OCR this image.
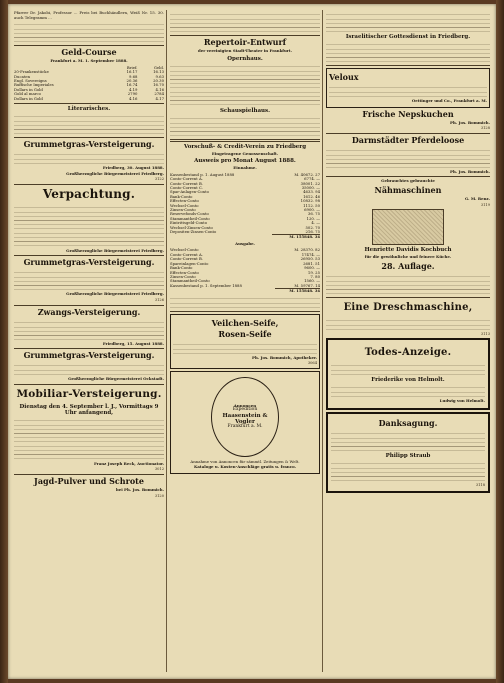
Pfarrer Dr. Jakobi, Professor ... Preis bei Buchhändlern, Weiß Nr. 15. 30. auch Telegramm ...
Geld-Course
Frankfurt a. M. 1. September 1888.
	Brief.	Geld.
20-Frankenstücke	16.17	16.13
Ducaten	9.68	9.63
Engl. Sovereigns	20.36	20.30
Ruffische Imperiales	16.74	16.70
Dollars in Gold	4.19	4.16
Gold al marco	2790	2784
Dollars in Gold	4.16	4.17
Literarisches.
Grummetgras-Versteigerung.
Friedberg, 30. August 1888.
Großherzogliche Bürgermeisterei Friedberg.
3122
Verpachtung.
Großherzogliche Bürgermeisterei Friedberg.
Grummetgras-Versteigerung.
Großherzogliche Bürgermeisterei Friedberg.
3126
Zwangs-Versteigerung.
Friedberg, 15. August 1888.
Grummetgras-Versteigerung.
Großherzogliche Bürgermeisterei Ockstadt.
Mobiliar-Versteigerung.
Dienstag den 4. September l. J., Vormittags 9 Uhr anfangend,
Franz Joseph Reck, Auctionator.
3012
Jagd-Pulver und Schrote
bei Ph. Jos. Bommich.
3120
Repertoir-Entwurf
der vereinigten Stadt-Theater in Frankfurt.
Opernhaus.
Schauspielhaus.
Vorschuß- & Credit-Verein zu Friedberg
Eingetragene Genossenschaft.
Ausweis pro Monat August 1888.
Einnahme.
Kassenbestand p. 1. August 1888	M. 40672. 27
Conto-Corrent A.	6774. —
Conto-Corrent B.	38001. 22
Conto-Corrent C.	35000. —
Spar-Anlagen-Conto	4633. 94
Bank-Conto	1612. 46
Effecten-Conto	10832. 98
Wechsel-Conto	1112. 50
Zinsen-Conto	6900. —
Reservefonds-Conto	36. 75
Stammantheil-Conto	120. —
Eintrittsgeld-Conto	4. —
Wechsel-Zinsen-Conto	502. 70
Depositen-Zinsen-Conto	216. 75
	M. 155848. 34
Ausgabe.
Wechsel-Conto	M. 28370. 82
Conto-Corrent A.	17474. —
Conto-Corrent B.	26950. 53
Spareinlagen-Conto	2681. 51
Bank-Conto	9600. —
Effecten-Conto	19. 25
Zinsen-Conto	7. 80
Stammantheil-Conto	1560. —
Kassenbestand p. 1. September 1888	M. 59767. 14
	M. 155848. 34
Veilchen-Seife,
Rosen-Seife
Ph. Jos. Bommich, Apotheker.
3064
Annoncen
Expedition
Haasenstein & Vogler
Frankfurt a. M.
Annahme von Annoncen für sämmtl. Zeitungen & Welt.
Kataloge u. Kosten-Anschläge gratis u. franco.
Israelitischer Gottesdienst in Friedberg.
Veloux
Oettinger und Co., Frankfurt a. M.
Frische Nepskuchen
Ph. Jos. Bommich.
3128
Darmstädter Pferdeloose
Ph. Jos. Bommich.
Gebrauchtes gebrauchte
Nähmaschinen
G. M. Renz.
3119
Henriette Davidis Kochbuch
für die gewöhnliche und feinere Küche.
28. Auflage.
Eine Dreschmaschine,
3113
Todes-Anzeige.
Friederike von Helmolt.
Ludwig von Helmolt.
Danksagung.
Philipp Straub
3118
